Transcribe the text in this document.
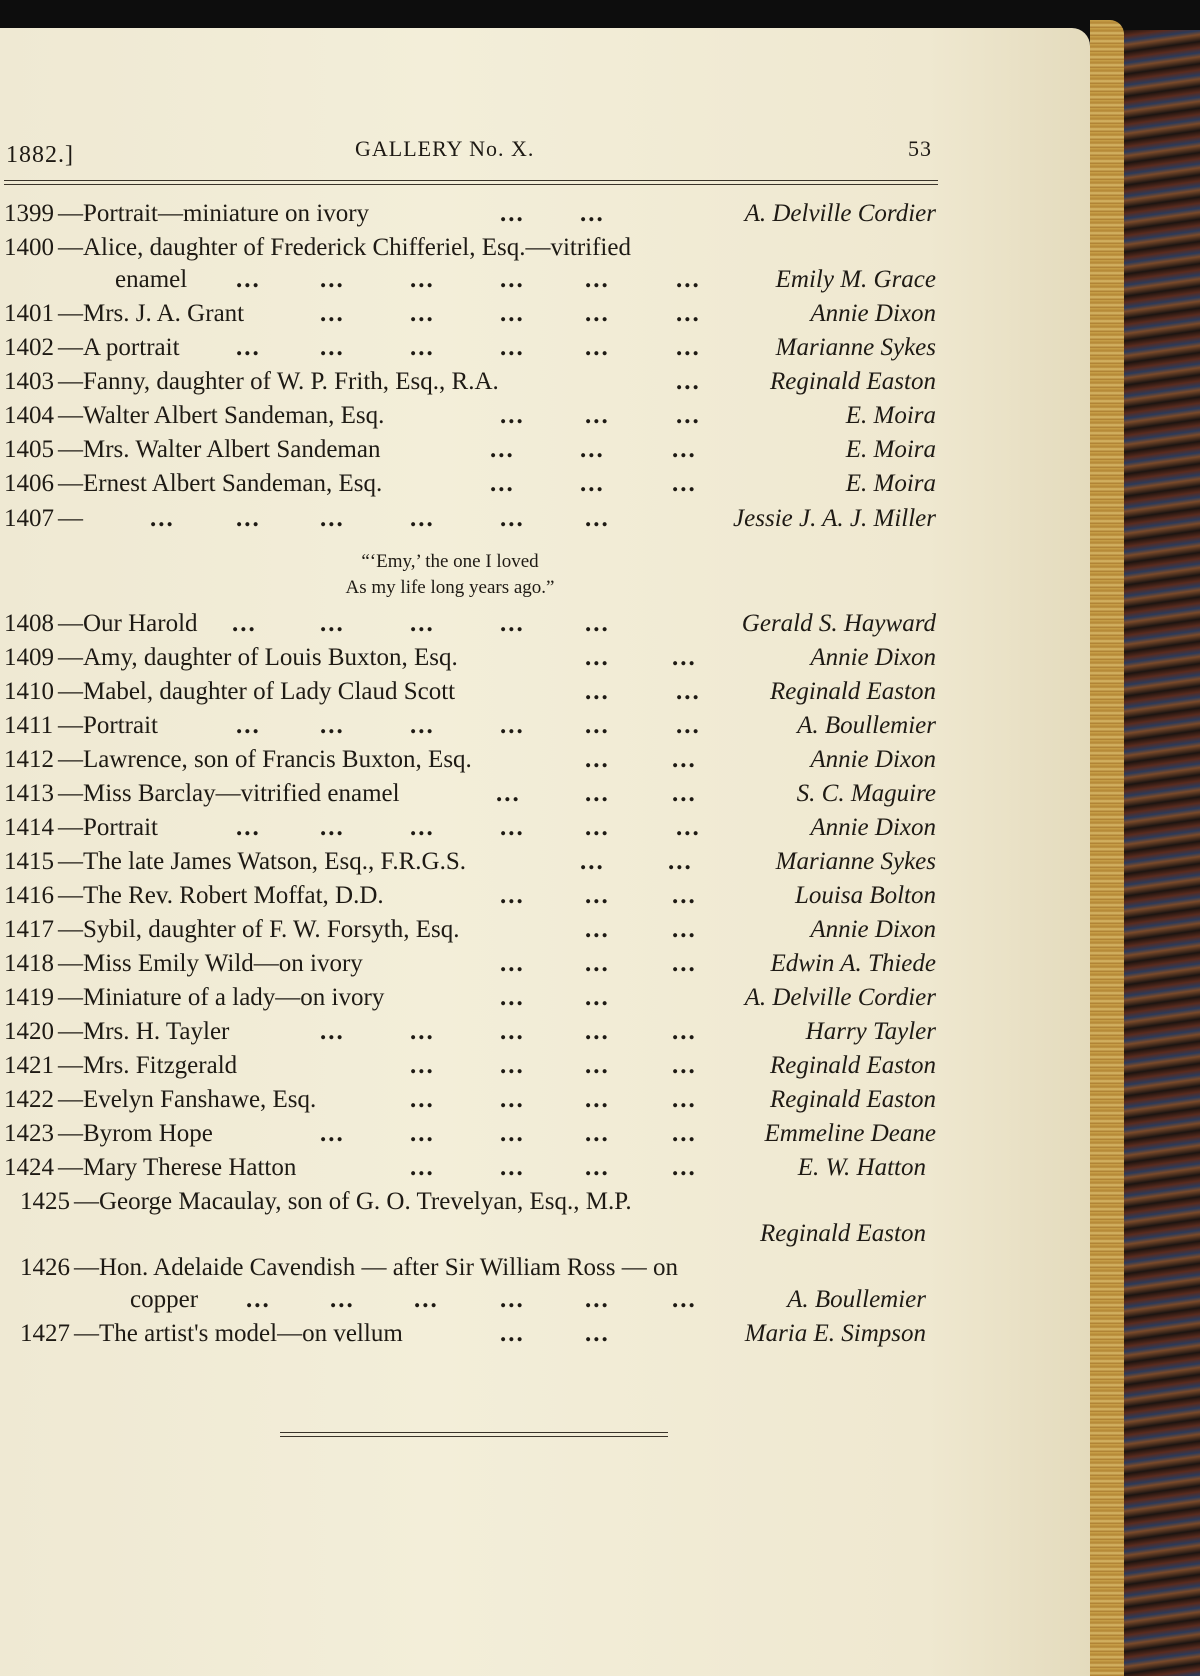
1882.]	GALLERY No. X.	53
1399 —Portrait—miniature on ivory	... ...	A. Delville Cordier
1400 —Alice, daughter of Frederick Chifferiel, Esq.—vitrified
enamel ... ...	...	... ...	...	Emily M. Grace
1401 —Mrs. J. A. Grant	...	...	... ...	...	Annie Dixon
1402 —A portrait ... ...	...	... ...	...	Marianne Sykes
1403 —Fanny, daughter of W. P. Frith, Esq., R.A.	...	Reginald Easton
1404 —Walter Albert Sandeman, Esq.	... ...	...	E. Moira
1405 —Mrs. Walter Albert Sandeman	...	...	...	E. Moira
1406 —Ernest Albert Sandeman, Esq.	...	...	...	E. Moira
1407 —	... ... ...	...	... ...	Jessie J. A. J. Miller
“‘Emy,’ the one I loved
As my life long years ago.”
1408 —Our Harold ...	...	...	... ...	Gerald S. Hayward
1409 —Amy, daughter of Louis Buxton, Esq.	... ...	Annie Dixon
1410 —Mabel, daughter of Lady Claud Scott	...	...	Reginald Easton
1411 —Portrait	... ...	...	... ...	...	A. Boullemier
1412 —Lawrence, son of Francis Buxton, Esq.	... ...	Annie Dixon
1413 —Miss Barclay—vitrified enamel	...	... ...	S. C. Maguire
1414 —Portrait	... ...	...	... ...	...	Annie Dixon
1415 —The late James Watson, Esq., F.R.G.S.	...	...	Marianne Sykes
1416 —The Rev. Robert Moffat, D.D.	... ... ...	Louisa Bolton
1417 —Sybil, daughter of F. W. Forsyth, Esq.	... ...	Annie Dixon
1418 —Miss Emily Wild—on ivory	... ... ...	Edwin A. Thiede
1419 —Miniature of a lady—on ivory	... ...	A. Delville Cordier
1420 —Mrs. H. Tayler	...	...	... ... ...	Harry Tayler
1421 —Mrs. Fitzgerald	...	... ... ...	Reginald Easton
1422 —Evelyn Fanshawe, Esq.	...	... ... ...	Reginald Easton
1423 —Byrom Hope	...	...	... ... ...	Emmeline Deane
1424 —Mary Therese Hatton	...	... ... ...	E. W. Hatton
1425 —George Macaulay, son of G. O. Trevelyan, Esq., M.P.
Reginald Easton
1426 —Hon. Adelaide Cavendish — after Sir William Ross — on
copper ... ... ... ... ... ...	A. Boullemier
1427 —The artist's model—on vellum	... ...	Maria E. Simpson
